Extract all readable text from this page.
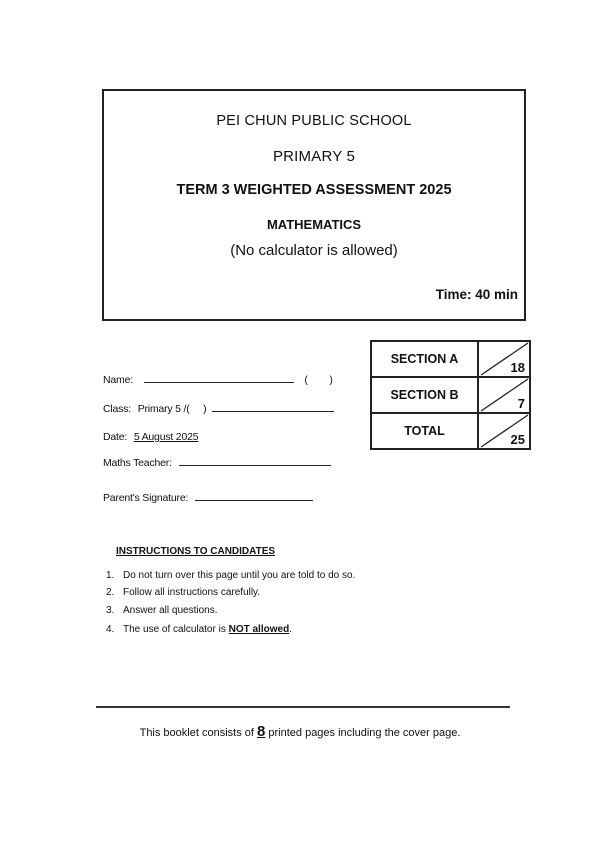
PEI CHUN PUBLIC SCHOOL
PRIMARY 5
TERM 3 WEIGHTED ASSESSMENT 2025
MATHEMATICS
(No calculator is allowed)
Time: 40 min
Name:	(        )
Class: Primary 5 /(     )
Date: 5 August 2025
Maths Teacher:
Parent's Signature:
SECTION A	18

SECTION B	7

TOTAL	25
INSTRUCTIONS TO CANDIDATES
1. Do not turn over this page until you are told to do so.
2. Follow all instructions carefully.
3. Answer all questions.
4. The use of calculator is NOT allowed.
This booklet consists of 8 printed pages including the cover page.
